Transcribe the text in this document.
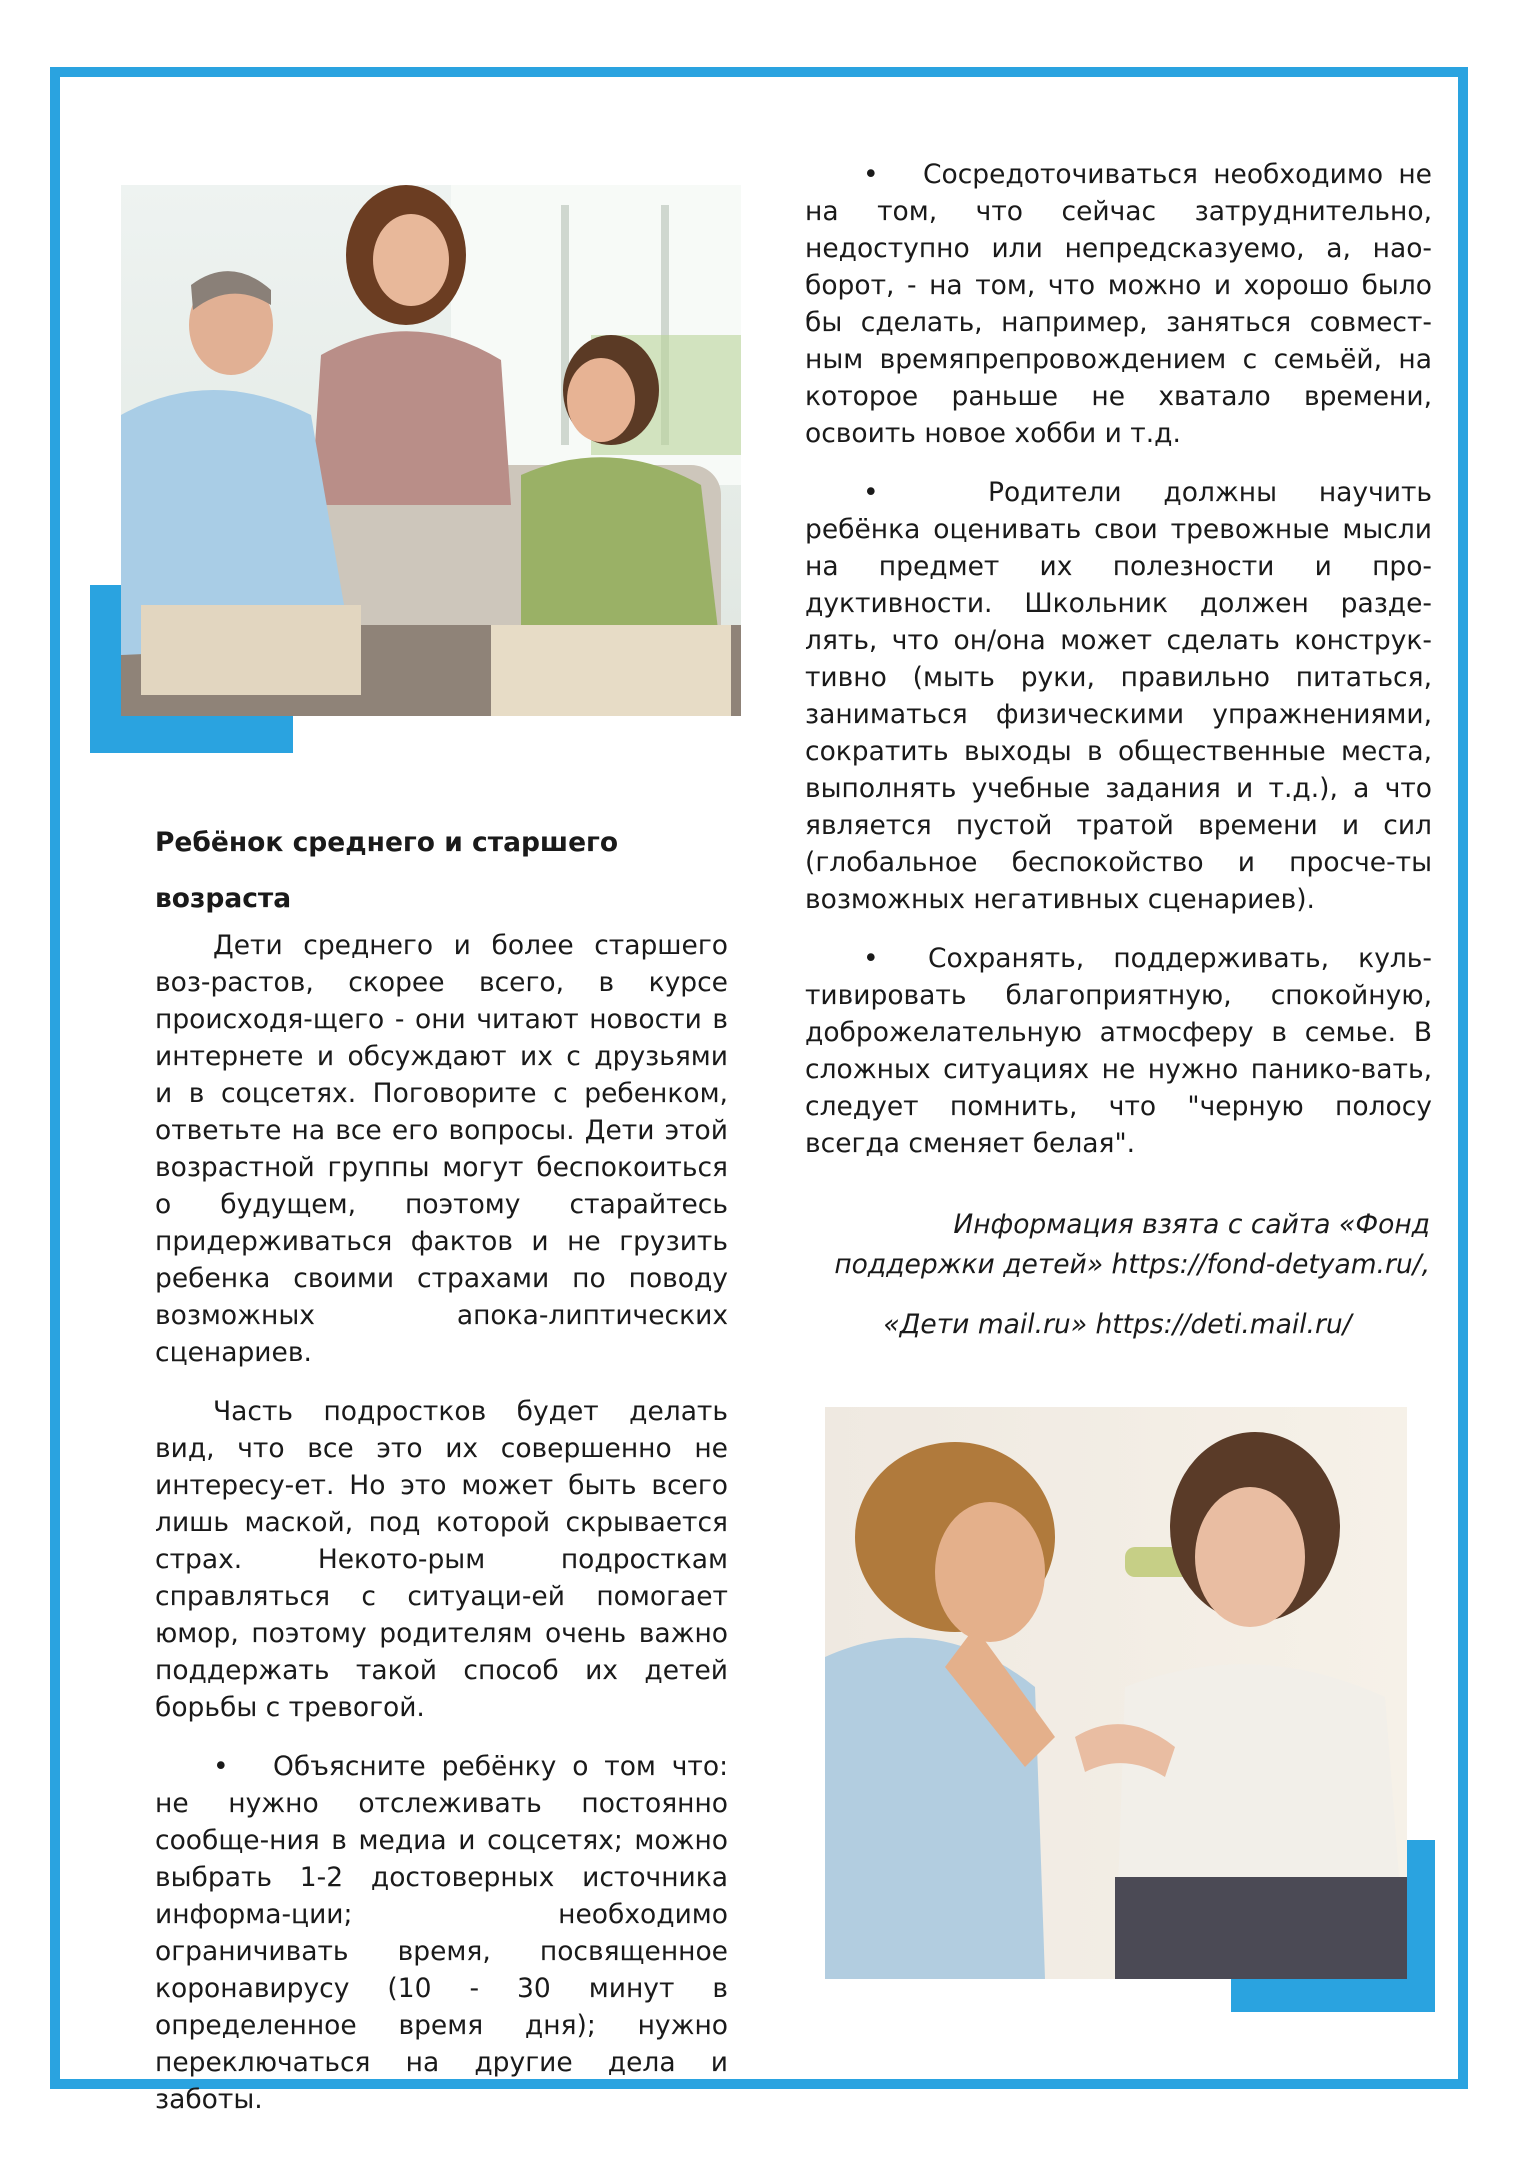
Ребёнок среднего и старшего

возраста

Дети среднего и более старшего воз-растов, скорее всего, в курсе происходя-щего - они читают новости в интернете и обсуждают их с друзьями и в соцсетях. Поговорите с ребенком, ответьте на все его вопросы. Дети этой возрастной группы могут беспокоиться о будущем, поэтому старайтесь придерживаться фактов и не грузить ребенка своими страхами по поводу возможных апока-липтических сценариев.

Часть подростков будет делать вид, что все это их совершенно не интересу-ет. Но это может быть всего лишь маской, под которой скрывается страх. Некото-рым подросткам справляться с ситуаци-ей помогает юмор, поэтому родителям очень важно поддержать такой способ их детей борьбы с тревогой.

• Объясните ребёнку о том что: не нужно отслеживать постоянно сообще-ния в медиа и соцсетях; можно выбрать 1-2 достоверных источника информа-ции; необходимо ограничивать время, посвященное коронавирусу (10 - 30 минут в определенное время дня); нужно переключаться на другие дела и заботы.

• Сосредоточиваться необходимо не на том, что сейчас затруднительно, недоступно или непредсказуемо, а, нао-борот, - на том, что можно и хорошо было бы сделать, например, заняться совмест-ным времяпрепровождением с семьёй, на которое раньше не хватало времени, освоить новое хобби и т.д.

•	Родители должны научить ребёнка оценивать свои тревожные мысли на предмет их полезности и про-дуктивности. Школьник должен разде-лять, что он/она может сделать конструк-тивно (мыть руки, правильно питаться, заниматься физическими упражнениями, сократить выходы в общественные места, выполнять учебные задания и т.д.), а что является пустой тратой времени и сил (глобальное беспокойство и просче-ты возможных негативных сценариев).

• Сохранять, поддерживать, куль-тивировать благоприятную, спокойную, доброжелательную атмосферу в семье. В сложных ситуациях не нужно панико-вать, следует помнить, что "черную полосу всегда сменяет белая".

Информация взята с сайта «Фонд поддержки детей» https://fond-detyam.ru/,

«Дети mail.ru» https://deti.mail.ru/
